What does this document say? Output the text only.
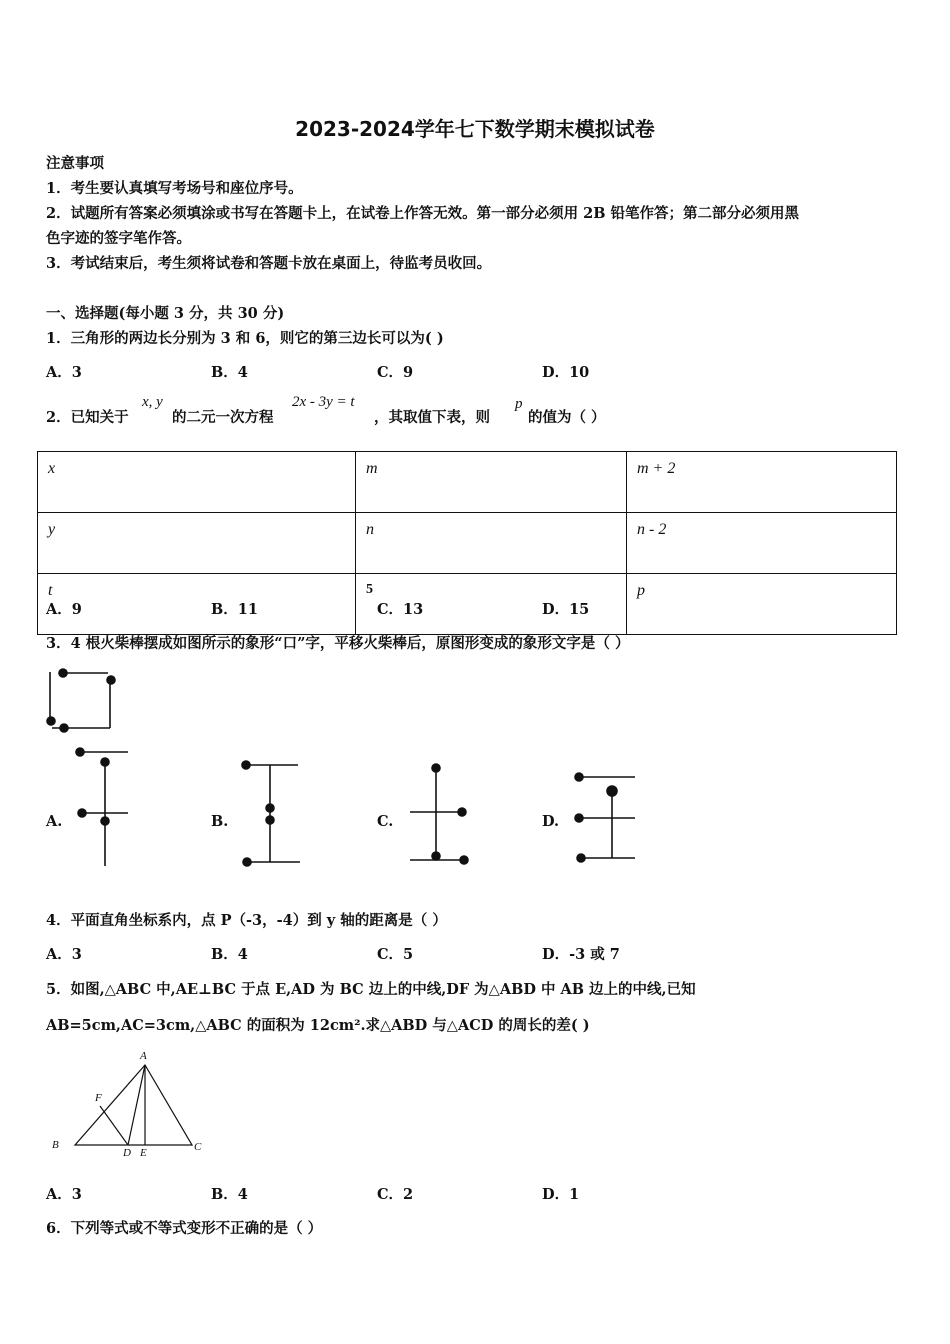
2023-2024学年七下数学期末模拟试卷
注意事项
1．考生要认真填写考场号和座位序号。
2．试题所有答案必须填涂或书写在答题卡上，在试卷上作答无效。第一部分必须用 2B 铅笔作答；第二部分必须用黑
色字迹的签字笔作答。
3．考试结束后，考生须将试卷和答题卡放在桌面上，待监考员收回。
一、选择题(每小题 3 分，共 30 分)
1．三角形的两边长分别为 3 和 6，则它的第三边长可以为( )
A．3	B．4	C．9	D．10
2．已知关于
x, y
的二元一次方程
2x - 3y = t
，其取值下表，则
p
的值为（ ）
x	m	m + 2
y	n	n - 2
t	5	p
A．9	B．11	C．13	D．15
3．4 根火柴棒摆成如图所示的象形“口”字，平移火柴棒后，原图形变成的象形文字是（ ）
A.	B.	C.	D.
5．如图,△ABC 中,AE⊥BC 于点 E,AD 为 BC 边上的中线,DF 为△ABD 中 AB 边上的中线,已知
AB=5cm,AC=3cm,△ABC 的面积为 12cm².求△ABD 与△ACD 的周长的差( )
A
B	C
D E
F
4．平面直角坐标系内，点 P（-3，-4）到 y 轴的距离是（ ）
A．3	B．4	C．5	D．-3 或 7
A．3	B．4	C．2	D．1
6．下列等式或不等式变形不正确的是（ ）
